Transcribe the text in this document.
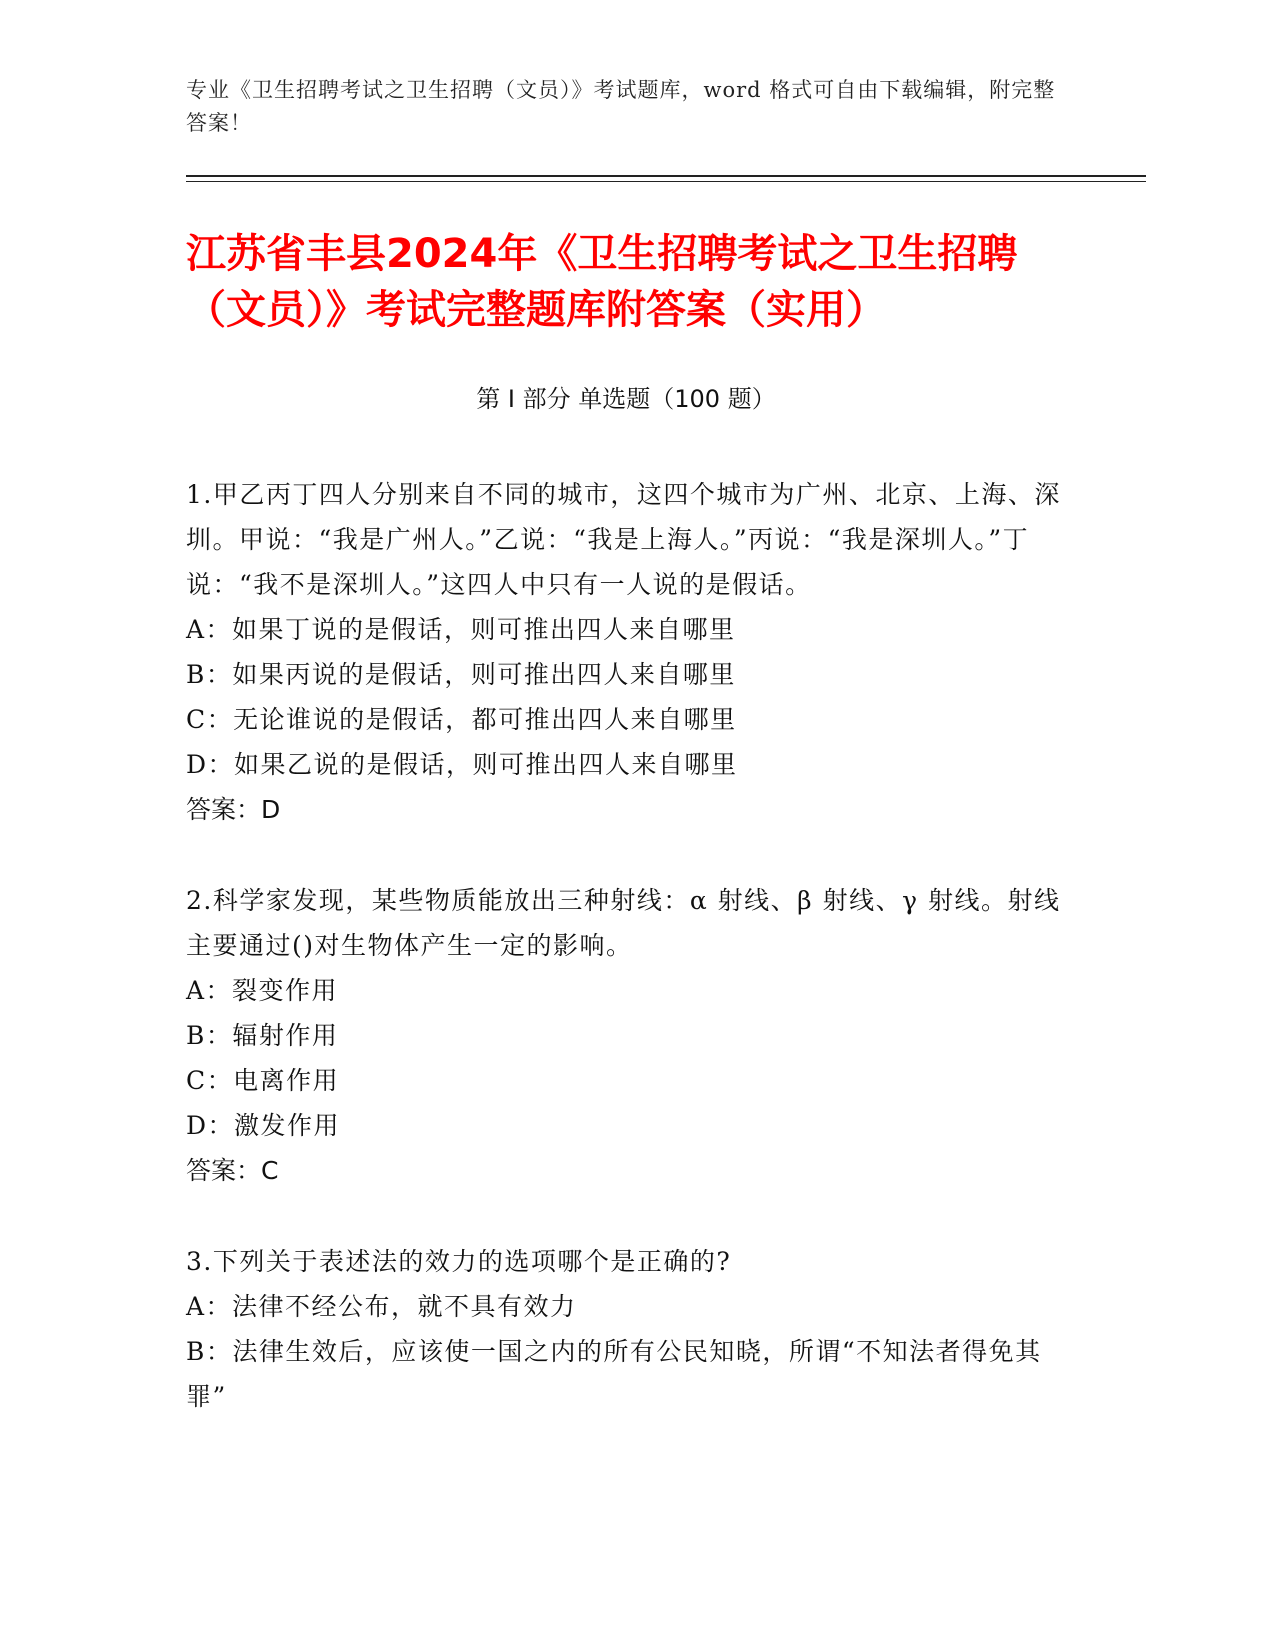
专业《卫生招聘考试之卫生招聘（文员）》考试题库，word 格式可自由下载编辑，附完整答案！
江苏省丰县2024年《卫生招聘考试之卫生招聘（文员）》考试完整题库附答案（实用）
第 I 部分 单选题（100 题）

1.甲乙丙丁四人分别来自不同的城市，这四个城市为广州、北京、上海、深圳。甲说：“我是广州人。”乙说：“我是上海人。”丙说：“我是深圳人。”丁说：“我不是深圳人。”这四人中只有一人说的是假话。

A：如果丁说的是假话，则可推出四人来自哪里

B：如果丙说的是假话，则可推出四人来自哪里

C：无论谁说的是假话，都可推出四人来自哪里

D：如果乙说的是假话，则可推出四人来自哪里

答案：D

2.科学家发现，某些物质能放出三种射线：α 射线、β 射线、γ 射线。射线主要通过()对生物体产生一定的影响。

A：裂变作用

B：辐射作用

C：电离作用

D：激发作用

答案：C

3.下列关于表述法的效力的选项哪个是正确的?

A：法律不经公布，就不具有效力

B：法律生效后，应该使一国之内的所有公民知晓，所谓“不知法者得免其罪”
